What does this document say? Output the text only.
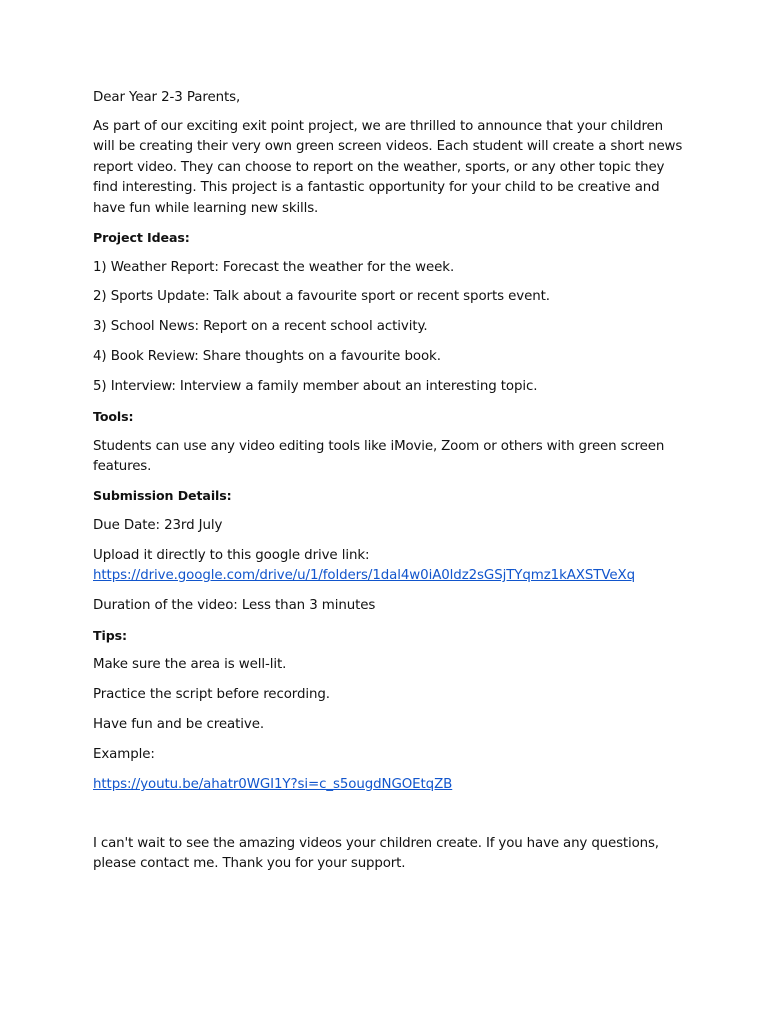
Dear Year 2-3 Parents,
As part of our exciting exit point project, we are thrilled to announce that your children will be creating their very own green screen videos. Each student will create a short news report video. They can choose to report on the weather, sports, or any other topic they find interesting. This project is a fantastic opportunity for your child to be creative and have fun while learning new skills.
Project Ideas:
1) Weather Report: Forecast the weather for the week.
2) Sports Update: Talk about a favourite sport or recent sports event.
3) School News: Report on a recent school activity.
4) Book Review: Share thoughts on a favourite book.
5) Interview: Interview a family member about an interesting topic.
Tools:
Students can use any video editing tools like iMovie, Zoom or others with green screen features.
Submission Details:
Due Date: 23rd July
Upload it directly to this google drive link:
https://drive.google.com/drive/u/1/folders/1dal4w0iA0ldz2sGSjTYqmz1kAXSTVeXq
Duration of the video: Less than 3 minutes
Tips:
Make sure the area is well-lit.
Practice the script before recording.
Have fun and be creative.
Example:
https://youtu.be/ahatr0WGI1Y?si=c_s5ougdNGOEtqZB
I can't wait to see the amazing videos your children create. If you have any questions, please contact me. Thank you for your support.
